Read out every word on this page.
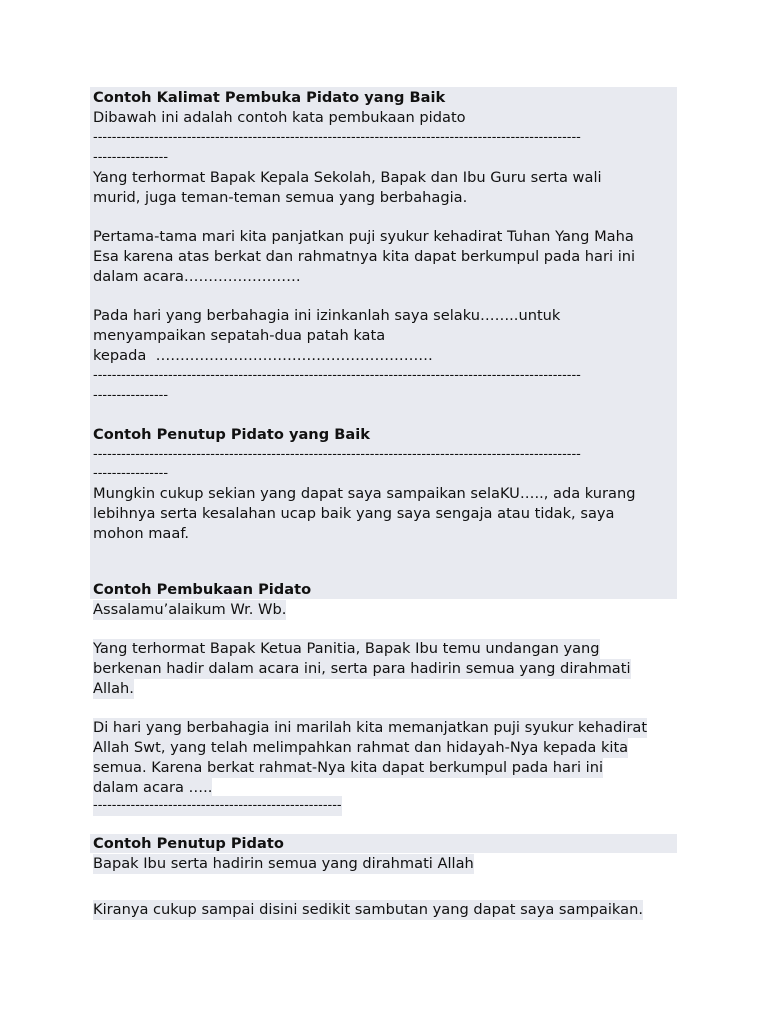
Contoh Kalimat Pembuka Pidato yang Baik
Dibawah ini adalah contoh kata pembukaan pidato
--------------------------------------------------------------------------------------------------------
----------------
Yang terhormat Bapak Kepala Sekolah, Bapak dan Ibu Guru serta wali
murid, juga teman-teman semua yang berbahagia.
Pertama-tama mari kita panjatkan puji syukur kehadirat Tuhan Yang Maha
Esa karena atas berkat dan rahmatnya kita dapat berkumpul pada hari ini
dalam acara……………………
Pada hari yang berbahagia ini izinkanlah saya selaku……..untuk
menyampaikan sepatah-dua patah kata
kepada  …………………………………………………
--------------------------------------------------------------------------------------------------------
----------------
Contoh Penutup Pidato yang Baik
--------------------------------------------------------------------------------------------------------
----------------
Mungkin cukup sekian yang dapat saya sampaikan selaKU….., ada kurang
lebihnya serta kesalahan ucap baik yang saya sengaja atau tidak, saya
mohon maaf.
Contoh Pembukaan Pidato
Assalamu’alaikum Wr. Wb.
Yang terhormat Bapak Ketua Panitia, Bapak Ibu temu undangan yang
berkenan hadir dalam acara ini, serta para hadirin semua yang dirahmati
Allah.
Di hari yang berbahagia ini marilah kita memanjatkan puji syukur kehadirat
Allah Swt, yang telah melimpahkan rahmat dan hidayah-Nya kepada kita
semua. Karena berkat rahmat-Nya kita dapat berkumpul pada hari ini
dalam acara …..
-----------------------------------------------------
Contoh Penutup Pidato
Bapak Ibu serta hadirin semua yang dirahmati Allah
Kiranya cukup sampai disini sedikit sambutan yang dapat saya sampaikan.
